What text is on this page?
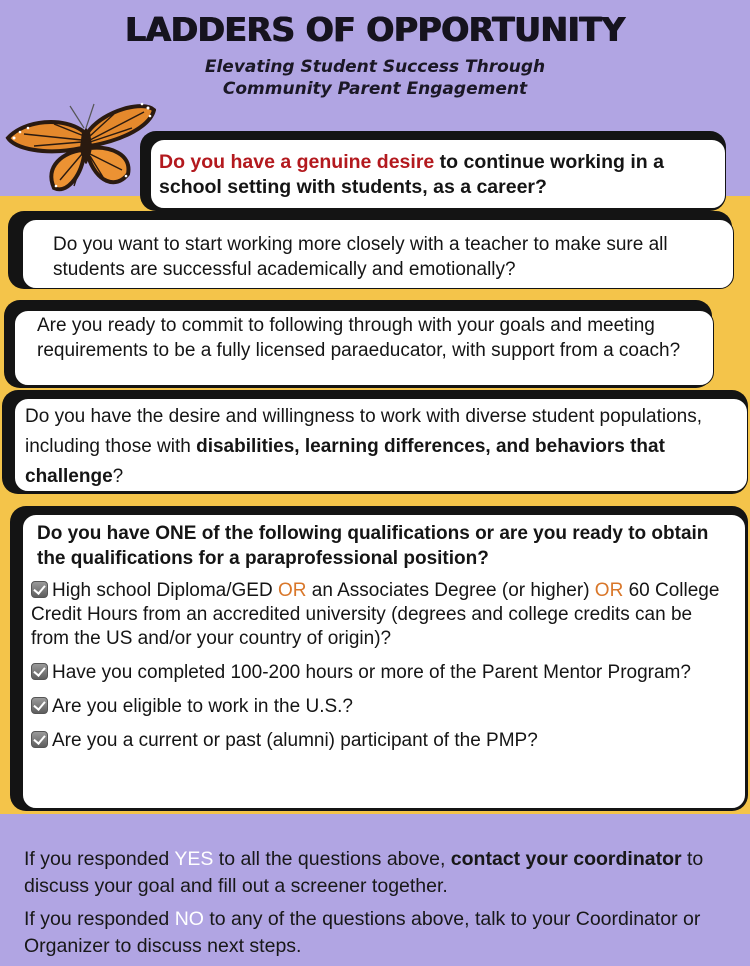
LADDERS OF OPPORTUNITY
Elevating Student Success Through
Community Parent Engagement
Do you have a genuine desire to continue working in a school setting with students, as a career?
Do you want to start working more closely with a teacher to make sure all students are successful academically and emotionally?
Are you ready to commit to following through with your goals and meeting requirements to be a fully licensed paraeducator, with support from a coach?
Do you have the desire and willingness to work with diverse student populations, including those with disabilities, learning differences, and behaviors that challenge?
Do you have ONE of the following qualifications or are you ready to obtain the qualifications for a paraprofessional position?
High school Diploma/GED OR an Associates Degree (or higher) OR 60 College Credit Hours from an accredited university (degrees and college credits can be from the US and/or your country of origin)?
Have you completed 100-200 hours or more of the Parent Mentor Program?
Are you eligible to work in the U.S.?
Are you a current or past (alumni) participant of the PMP?

If you responded YES to all the questions above, contact your coordinator to discuss your goal and fill out a screener together.

If you responded NO to any of the questions above, talk to your Coordinator or Organizer to discuss next steps.
